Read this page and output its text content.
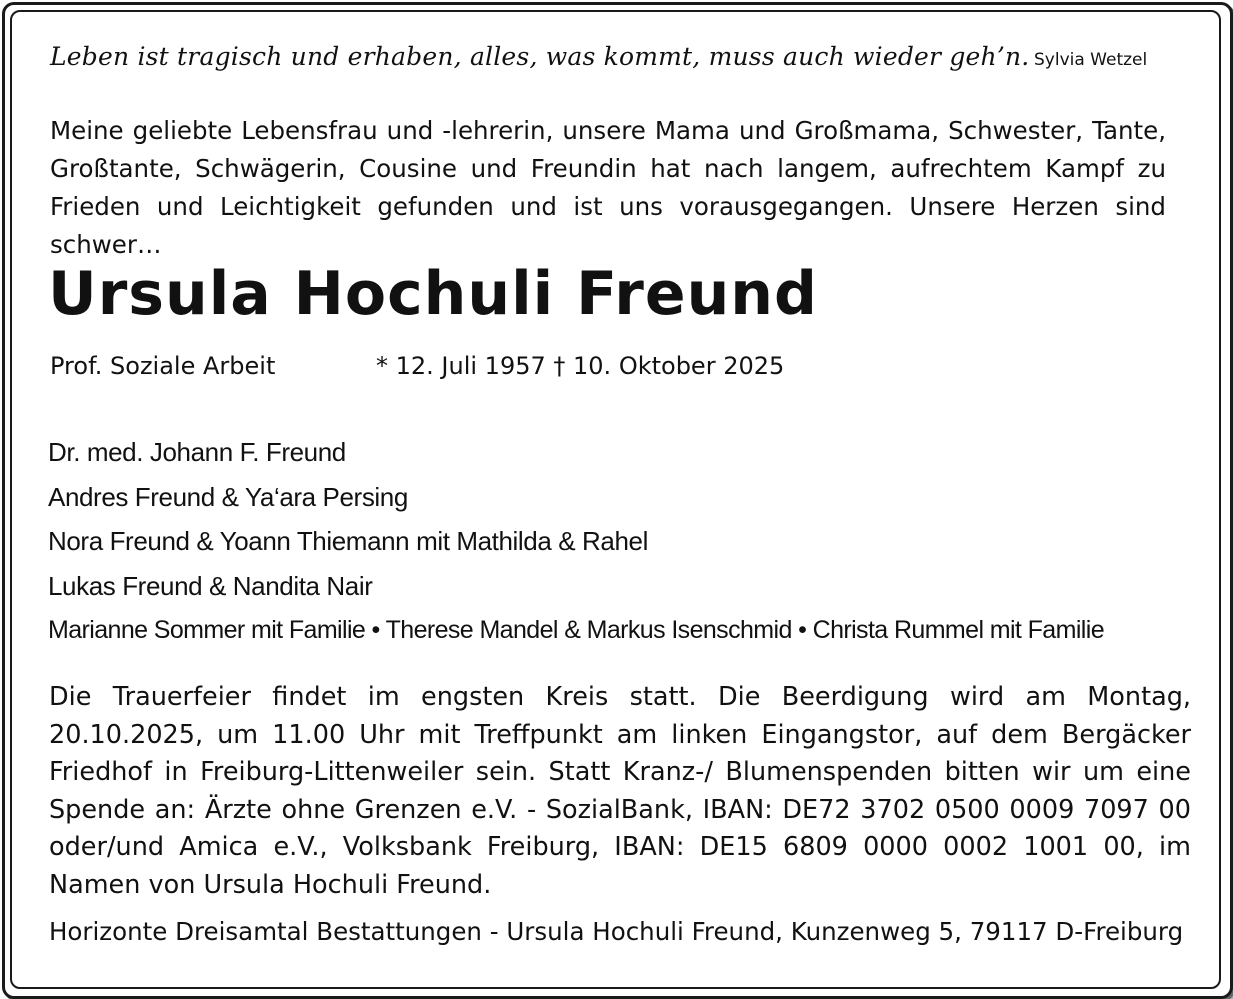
Leben ist tragisch und erhaben, alles, was kommt, muss auch wieder geh’n. Sylvia Wetzel
Meine geliebte Lebensfrau und -lehrerin, unsere Mama und Großmama, Schwester, Tante, Großtante, Schwägerin, Cousine und Freundin hat nach langem, aufrechtem Kampf zu Frieden und Leichtigkeit gefunden und ist uns vorausgegangen. Unsere Herzen sind schwer…
Ursula Hochuli Freund
Prof. Soziale Arbeit	* 12. Juli 1957 † 10. Oktober 2025
Dr. med. Johann F. Freund
Andres Freund & Ya‘ara Persing
Nora Freund & Yoann Thiemann mit Mathilda & Rahel
Lukas Freund & Nandita Nair
Marianne Sommer mit Familie • Therese Mandel & Markus Isenschmid • Christa Rummel mit Familie
Die Trauerfeier findet im engsten Kreis statt. Die Beerdigung wird am Montag, 20.10.2025, um 11.00 Uhr mit Treffpunkt am linken Eingangstor, auf dem Bergäcker Friedhof in Freiburg-Littenweiler sein. Statt Kranz-/ Blumenspenden bitten wir um eine Spende an: Ärzte ohne Grenzen e.V. - SozialBank, IBAN: DE72 3702 0500 0009 7097 00 oder/und Amica e.V., Volksbank Freiburg, IBAN: DE15 6809 0000 0002 1001 00, im Namen von Ursula Hochuli Freund.
Horizonte Dreisamtal Bestattungen - Ursula Hochuli Freund, Kunzenweg 5, 79117 D-Freiburg
